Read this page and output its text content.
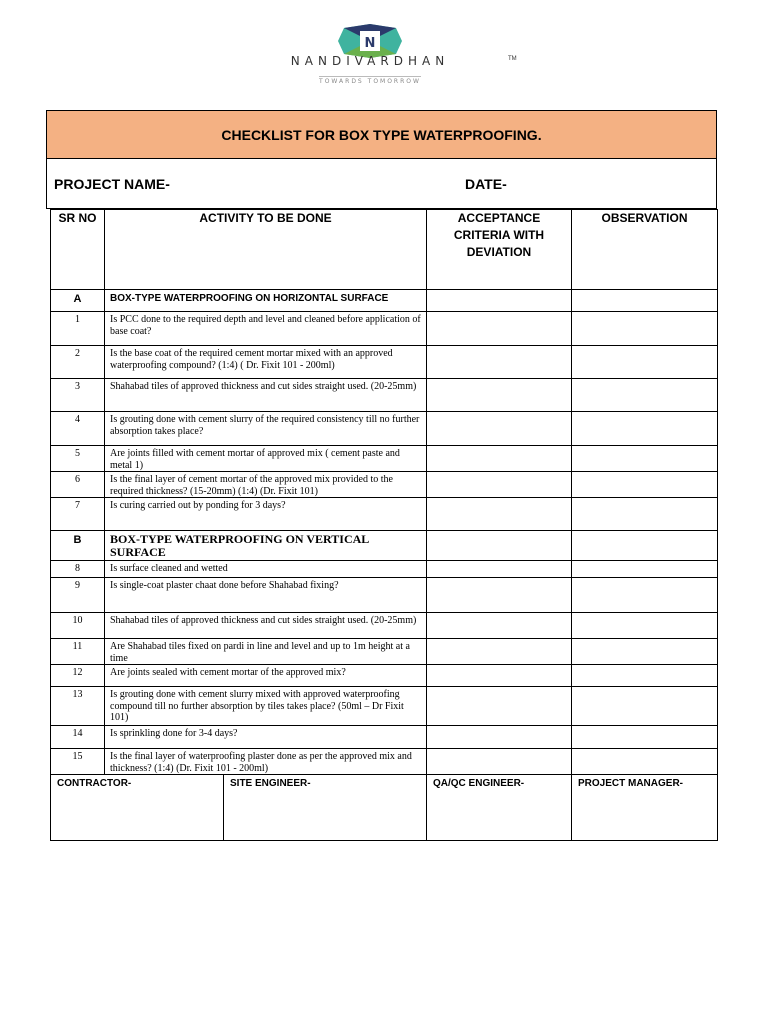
N
NANDIVARDHAN
TOWARDS TOMORROW
TM
CHECKLIST FOR BOX TYPE WATERPROOFING.
PROJECT NAME-	DATE-
SR NO	ACTIVITY TO BE DONE	ACCEPTANCE CRITERIA WITH DEVIATION	OBSERVATION
A	BOX-TYPE WATERPROOFING ON HORIZONTAL SURFACE		
1	Is PCC done to the required depth and level and cleaned before application of base coat?		
2	Is the base coat of the required cement mortar mixed with an approved waterproofing compound? (1:4) ( Dr. Fixit 101 - 200ml)		
3	Shahabad tiles of approved thickness and cut sides straight used. (20-25mm)		
4	Is grouting done with cement slurry of the required consistency till no further absorption takes place?		
5	Are joints filled with cement mortar of approved mix ( cement paste and metal 1)		
6	Is the final layer of cement mortar of the approved mix provided to the required thickness? (15-20mm) (1:4) (Dr. Fixit 101)		
7	Is curing carried out by ponding for 3 days?		
B	BOX-TYPE WATERPROOFING ON VERTICAL SURFACE		
8	Is surface cleaned and wetted		
9	Is single-coat plaster chaat done before Shahabad fixing?		
10	Shahabad tiles of approved thickness and cut sides straight used. (20-25mm)		
11	Are Shahabad tiles fixed on pardi in line and level and up to 1m height at a time		
12	Are joints sealed with cement mortar of the approved mix?		
13	Is grouting done with cement slurry mixed with approved waterproofing compound till no further absorption by tiles takes place? (50ml – Dr Fixit 101)		
14	Is sprinkling done for 3-4 days?		
15	Is the final layer of waterproofing plaster done as per the approved mix and thickness? (1:4) (Dr. Fixit 101 - 200ml)		
CONTRACTOR-	SITE ENGINEER-	QA/QC ENGINEER-	PROJECT MANAGER-
